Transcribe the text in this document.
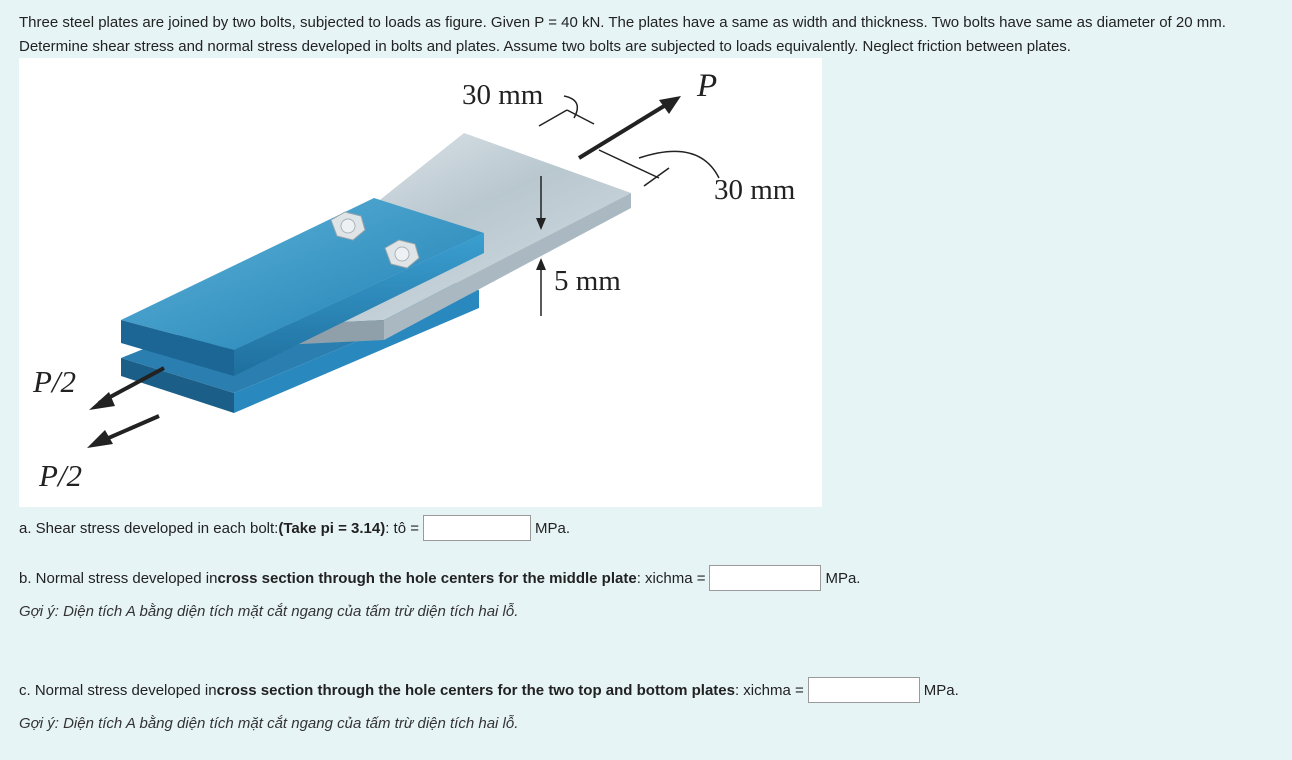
Three steel plates are joined by two bolts, subjected to loads as figure. Given P = 40 kN. The plates have a same as width and thickness. Two bolts have same as diameter of 20 mm. Determine shear stress and normal stress developed in bolts and plates. Assume two bolts are subjected to loads equivalently. Neglect friction between plates.
30 mm	P
30 mm
5 mm
P/2
P/2
a. Shear stress developed in each bolt: (Take pi = 3.14) : tô =	MPa.
b. Normal stress developed in cross section through the hole centers for the middle plate : xichma =	MPa.
Gợi ý: Diện tích A bằng diện tích mặt cắt ngang của tấm trừ diện tích hai lỗ.
c. Normal stress developed in cross section through the hole centers for the two top and bottom plates : xichma =	MPa.
Gợi ý: Diện tích A bằng diện tích mặt cắt ngang của tấm trừ diện tích hai lỗ.
